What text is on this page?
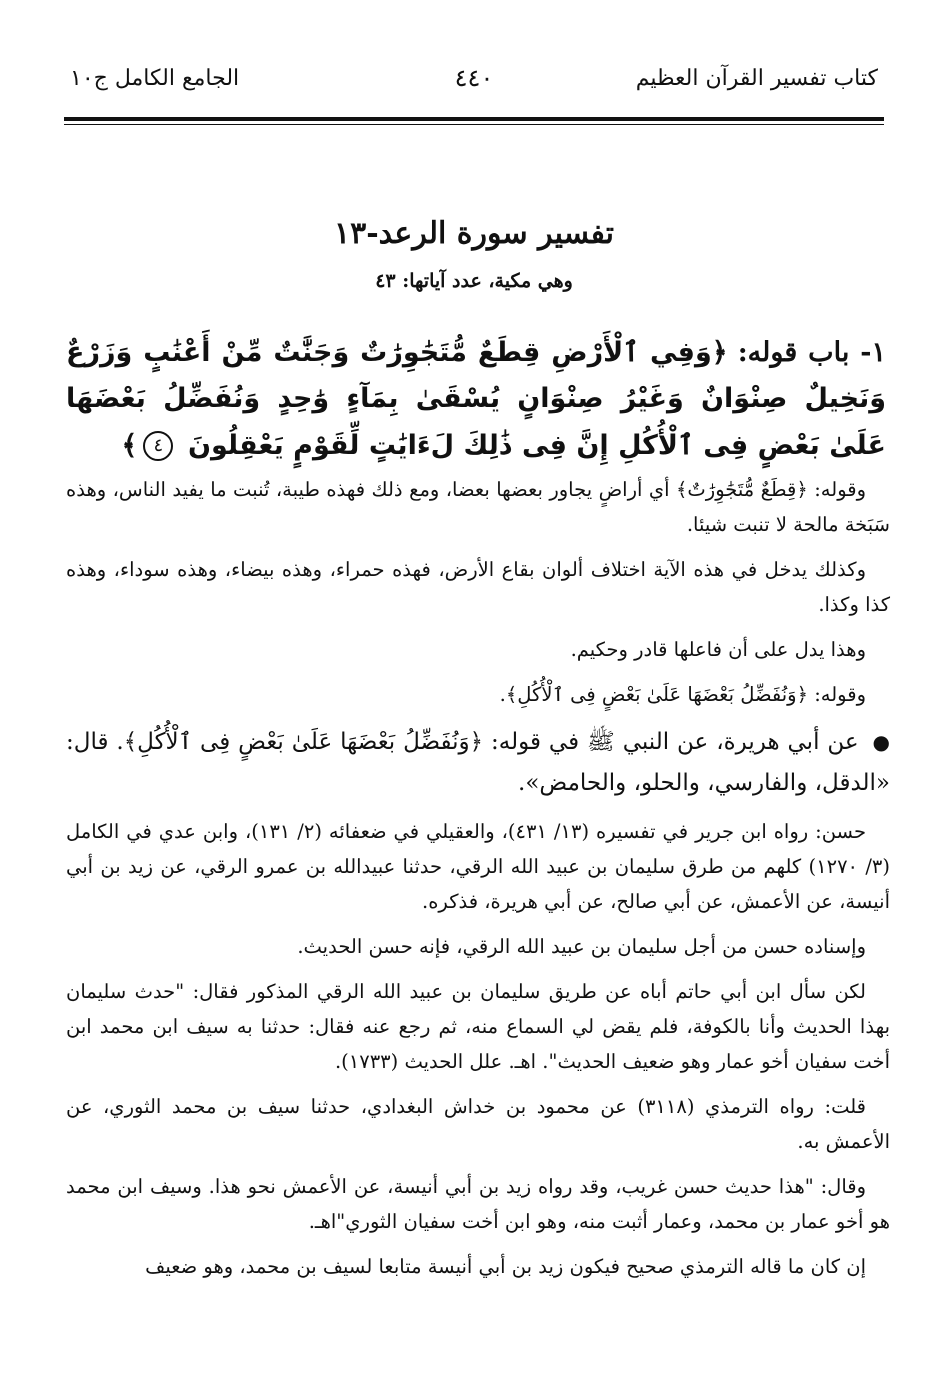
كتاب تفسير القرآن العظيم
٤٤٠
الجامع الكامل ج١٠
تفسير سورة الرعد-١٣
وهي مكية، عدد آياتها: ٤٣
١- باب قوله: ﴿وَفِي ٱلْأَرْضِ قِطَعٌ مُّتَجَٰوِرَٰتٌ وَجَنَّٰتٌ مِّنْ أَعْنَٰبٍ وَزَرْعٌ وَنَخِيلٌ صِنْوَانٌ وَغَيْرُ صِنْوَانٍ يُسْقَىٰ بِمَآءٍ وَٰحِدٍ وَنُفَضِّلُ بَعْضَهَا عَلَىٰ بَعْضٍ فِى ٱلْأُكُلِ إِنَّ فِى ذَٰلِكَ لَءَايَٰتٍ لِّقَوْمٍ يَعْقِلُونَ ٤﴾

وقوله: ﴿قِطَعٌ مُّتَجَٰوِرَٰتٌ﴾ أي أراضٍ يجاور بعضها بعضا، ومع ذلك فهذه طيبة، تُنبت ما يفيد الناس، وهذه سَبَخة مالحة لا تنبت شيئا.

وكذلك يدخل في هذه الآية اختلاف ألوان بقاع الأرض، فهذه حمراء، وهذه بيضاء، وهذه سوداء، وهذه كذا وكذا.

وهذا يدل على أن فاعلها قادر وحكيم.

وقوله: ﴿وَنُفَضِّلُ بَعْضَهَا عَلَىٰ بَعْضٍ فِى ٱلْأُكُلِ﴾.

● عن أبي هريرة، عن النبي ﷺ في قوله: ﴿وَنُفَضِّلُ بَعْضَهَا عَلَىٰ بَعْضٍ فِى ٱلْأُكُلِ﴾. قال: «الدقل، والفارسي، والحلو، والحامض».

حسن: رواه ابن جرير في تفسيره (١٣/ ٤٣١)، والعقيلي في ضعفائه (٢/ ١٣١)، وابن عدي في الكامل (٣/ ١٢٧٠) كلهم من طرق سليمان بن عبيد الله الرقي، حدثنا عبيدالله بن عمرو الرقي، عن زيد بن أبي أنيسة، عن الأعمش، عن أبي صالح، عن أبي هريرة، فذكره.

وإسناده حسن من أجل سليمان بن عبيد الله الرقي، فإنه حسن الحديث.

لكن سأل ابن أبي حاتم أباه عن طريق سليمان بن عبيد الله الرقي المذكور فقال: "حدث سليمان بهذا الحديث وأنا بالكوفة، فلم يقض لي السماع منه، ثم رجع عنه فقال: حدثنا به سيف ابن محمد ابن أخت سفيان أخو عمار وهو ضعيف الحديث". اهـ. علل الحديث (١٧٣٣).

قلت: رواه الترمذي (٣١١٨) عن محمود بن خداش البغدادي، حدثنا سيف بن محمد الثوري، عن الأعمش به.

وقال: "هذا حديث حسن غريب، وقد رواه زيد بن أبي أنيسة، عن الأعمش نحو هذا. وسيف ابن محمد هو أخو عمار بن محمد، وعمار أثبت منه، وهو ابن أخت سفيان الثوري"اهـ.

إن كان ما قاله الترمذي صحيح فيكون زيد بن أبي أنيسة متابعا لسيف بن محمد، وهو ضعيف
